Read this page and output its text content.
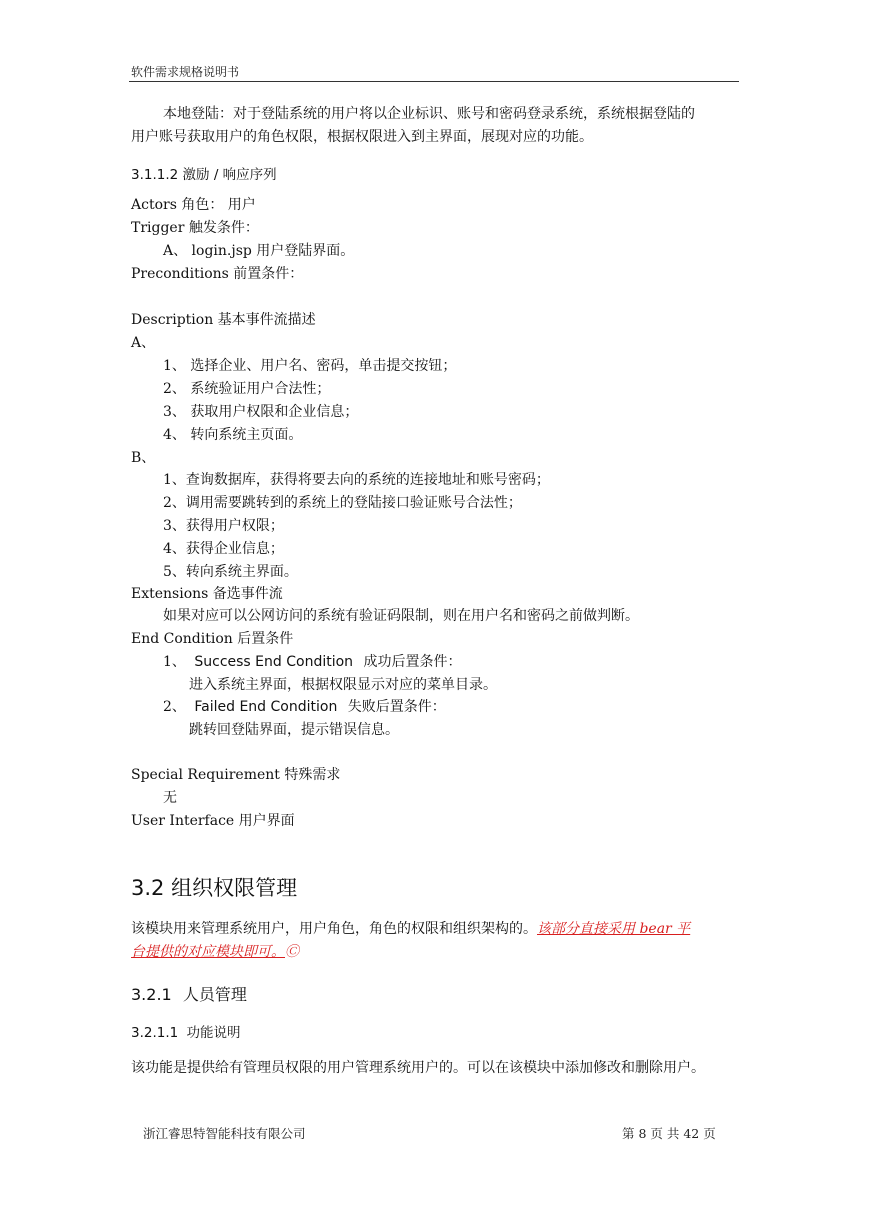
软件需求规格说明书
本地登陆：对于登陆系统的用户将以企业标识、账号和密码登录系统，系统根据登陆的
用户账号获取用户的角色权限，根据权限进入到主界面，展现对应的功能。
3.1.1.2 激励 / 响应序列
Actors 角色： 用户
Trigger 触发条件：
A、 login.jsp 用户登陆界面。
Preconditions 前置条件：
Description 基本事件流描述
A、
1、 选择企业、用户名、密码，单击提交按钮；
2、 系统验证用户合法性；
3、 获取用户权限和企业信息；
4、 转向系统主页面。
B、
1、查询数据库，获得将要去向的系统的连接地址和账号密码；
2、调用需要跳转到的系统上的登陆接口验证账号合法性；
3、获得用户权限；
4、获得企业信息；
5、转向系统主界面。
Extensions 备选事件流
如果对应可以公网访问的系统有验证码限制，则在用户名和密码之前做判断。
End Condition 后置条件
1、 Success End Condition 成功后置条件：
进入系统主界面，根据权限显示对应的菜单目录。
2、 Failed End Condition 失败后置条件：
跳转回登陆界面，提示错误信息。
Special Requirement 特殊需求
无
User Interface 用户界面
3.2 组织权限管理
该模块用来管理系统用户，用户角色，角色的权限和组织架构的。该部分直接采用 bear 平
台提供的对应模块即可。Ⓒ
3.2.1 人员管理
3.2.1.1 功能说明
该功能是提供给有管理员权限的用户管理系统用户的。可以在该模块中添加修改和删除用户。
浙江睿思特智能科技有限公司	第 8 页 共 42 页
